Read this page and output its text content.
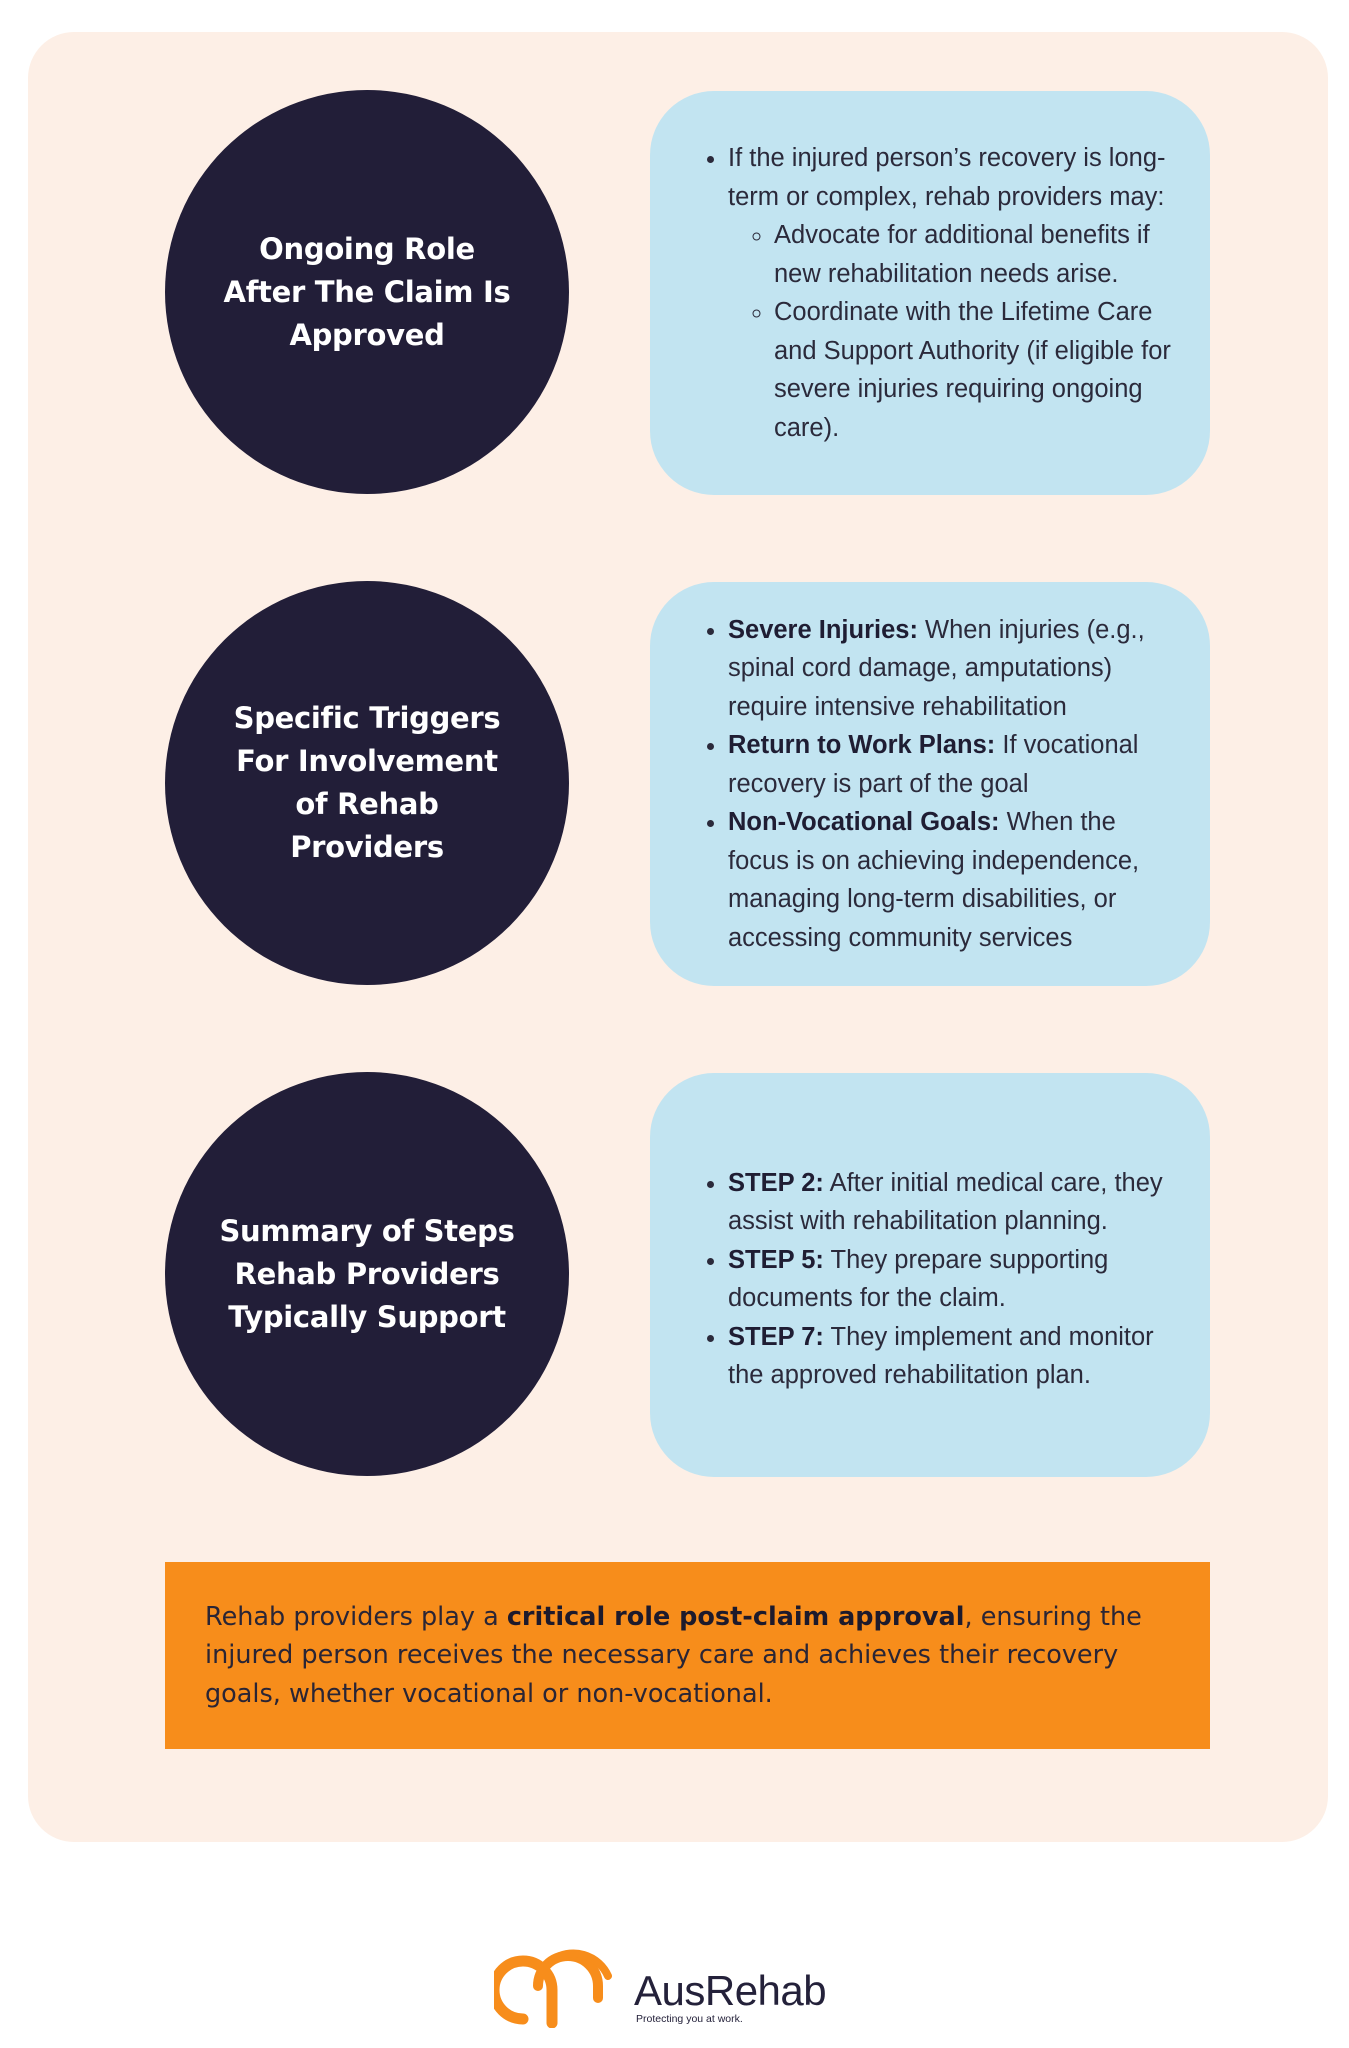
Ongoing Role After The Claim Is Approved
• If the injured person’s recovery is long-term or complex, rehab providers may:
◦ Advocate for additional benefits if new rehabilitation needs arise.
◦ Coordinate with the Lifetime Care and Support Authority (if eligible for severe injuries requiring ongoing care).
Specific Triggers For Involvement of Rehab Providers
• Severe Injuries: When injuries (e.g., spinal cord damage, amputations) require intensive rehabilitation
• Return to Work Plans: If vocational recovery is part of the goal
• Non-Vocational Goals: When the focus is on achieving independence, managing long-term disabilities, or accessing community services
Summary of Steps Rehab Providers Typically Support
• STEP 2: After initial medical care, they assist with rehabilitation planning.
• STEP 5: They prepare supporting documents for the claim.
• STEP 7: They implement and monitor the approved rehabilitation plan.

Rehab providers play a critical role post-claim approval, ensuring the injured person receives the necessary care and achieves their recovery goals, whether vocational or non-vocational.

AusRehab
Protecting you at work.
